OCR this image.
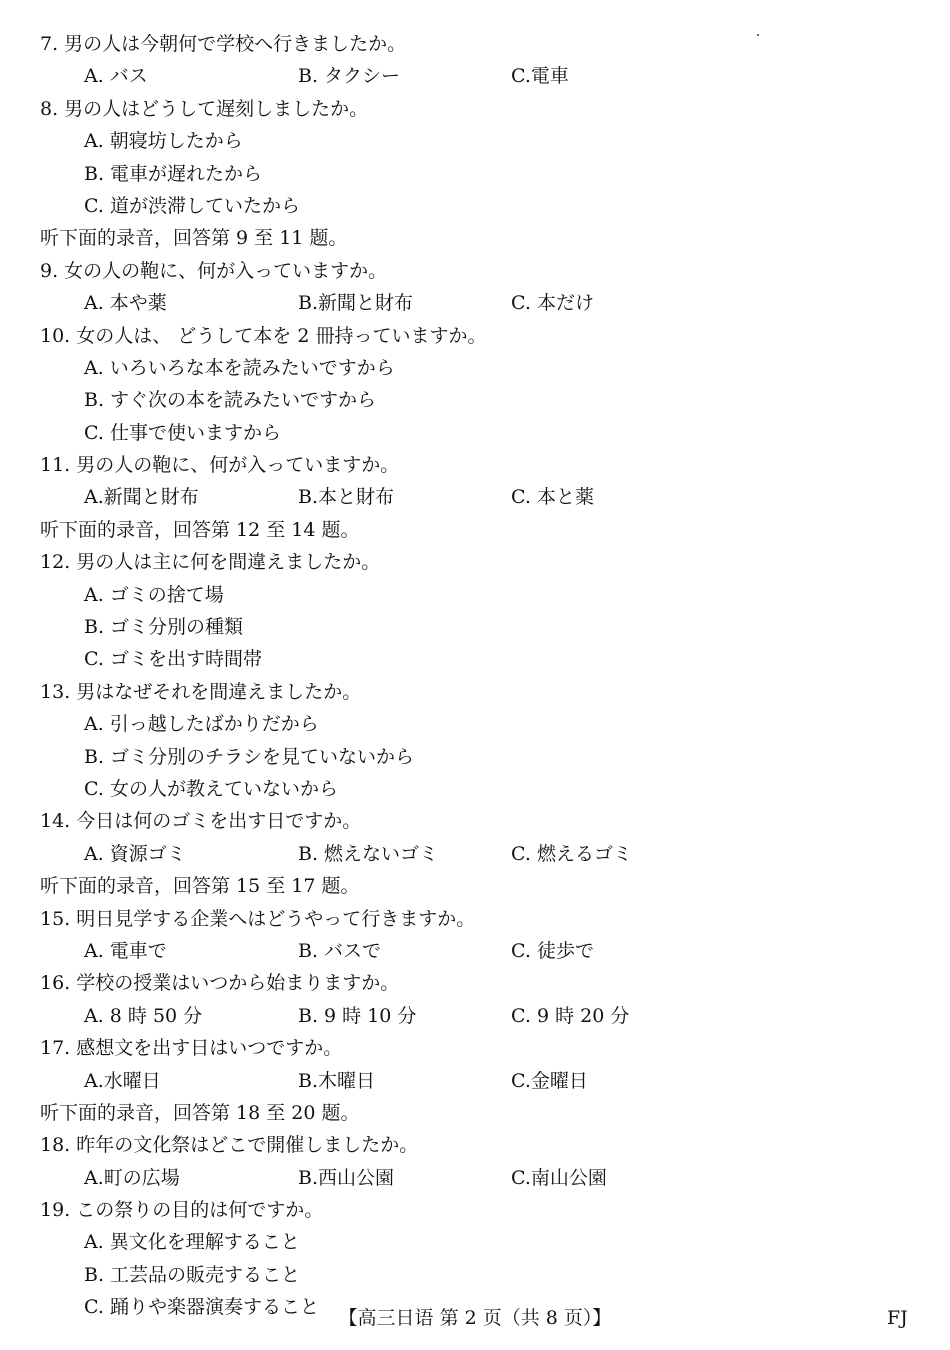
7. 男の人は今朝何で学校へ行きましたか。
A. バス	B. タクシー	C.電車
8. 男の人はどうして遅刻しましたか。
A. 朝寝坊したから
B. 電車が遅れたから
C. 道が渋滞していたから
听下面的录音，回答第 9 至 11 题。
9. 女の人の鞄に、何が入っていますか。
A. 本や薬	B.新聞と財布	C. 本だけ
10. 女の人は、 どうして本を 2 冊持っていますか。
A. いろいろな本を読みたいですから
B. すぐ次の本を読みたいですから
C. 仕事で使いますから
11. 男の人の鞄に、何が入っていますか。
A.新聞と財布	B.本と財布	C. 本と薬
听下面的录音，回答第 12 至 14 题。
12. 男の人は主に何を間違えましたか。
A. ゴミの捨て場
B. ゴミ分別の種類
C. ゴミを出す時間帯
13. 男はなぜそれを間違えましたか。
A. 引っ越したばかりだから
B. ゴミ分別のチラシを見ていないから
C. 女の人が教えていないから
14. 今日は何のゴミを出す日ですか。
A. 資源ゴミ	B. 燃えないゴミ	C. 燃えるゴミ
听下面的录音，回答第 15 至 17 题。
15. 明日見学する企業へはどうやって行きますか。
A. 電車で	B. バスで	C. 徒歩で
16. 学校の授業はいつから始まりますか。
A. 8 時 50 分	B. 9 時 10 分	C. 9 時 20 分
17. 感想文を出す日はいつですか。
A.水曜日	B.木曜日	C.金曜日
听下面的录音，回答第 18 至 20 题。
18. 昨年の文化祭はどこで開催しましたか。
A.町の広場	B.西山公園	C.南山公園
19. この祭りの目的は何ですか。
A. 異文化を理解すること
B. 工芸品の販売すること
C. 踊りや楽器演奏すること	【高三日语 第 2 页（共 8 页）】	FJ
